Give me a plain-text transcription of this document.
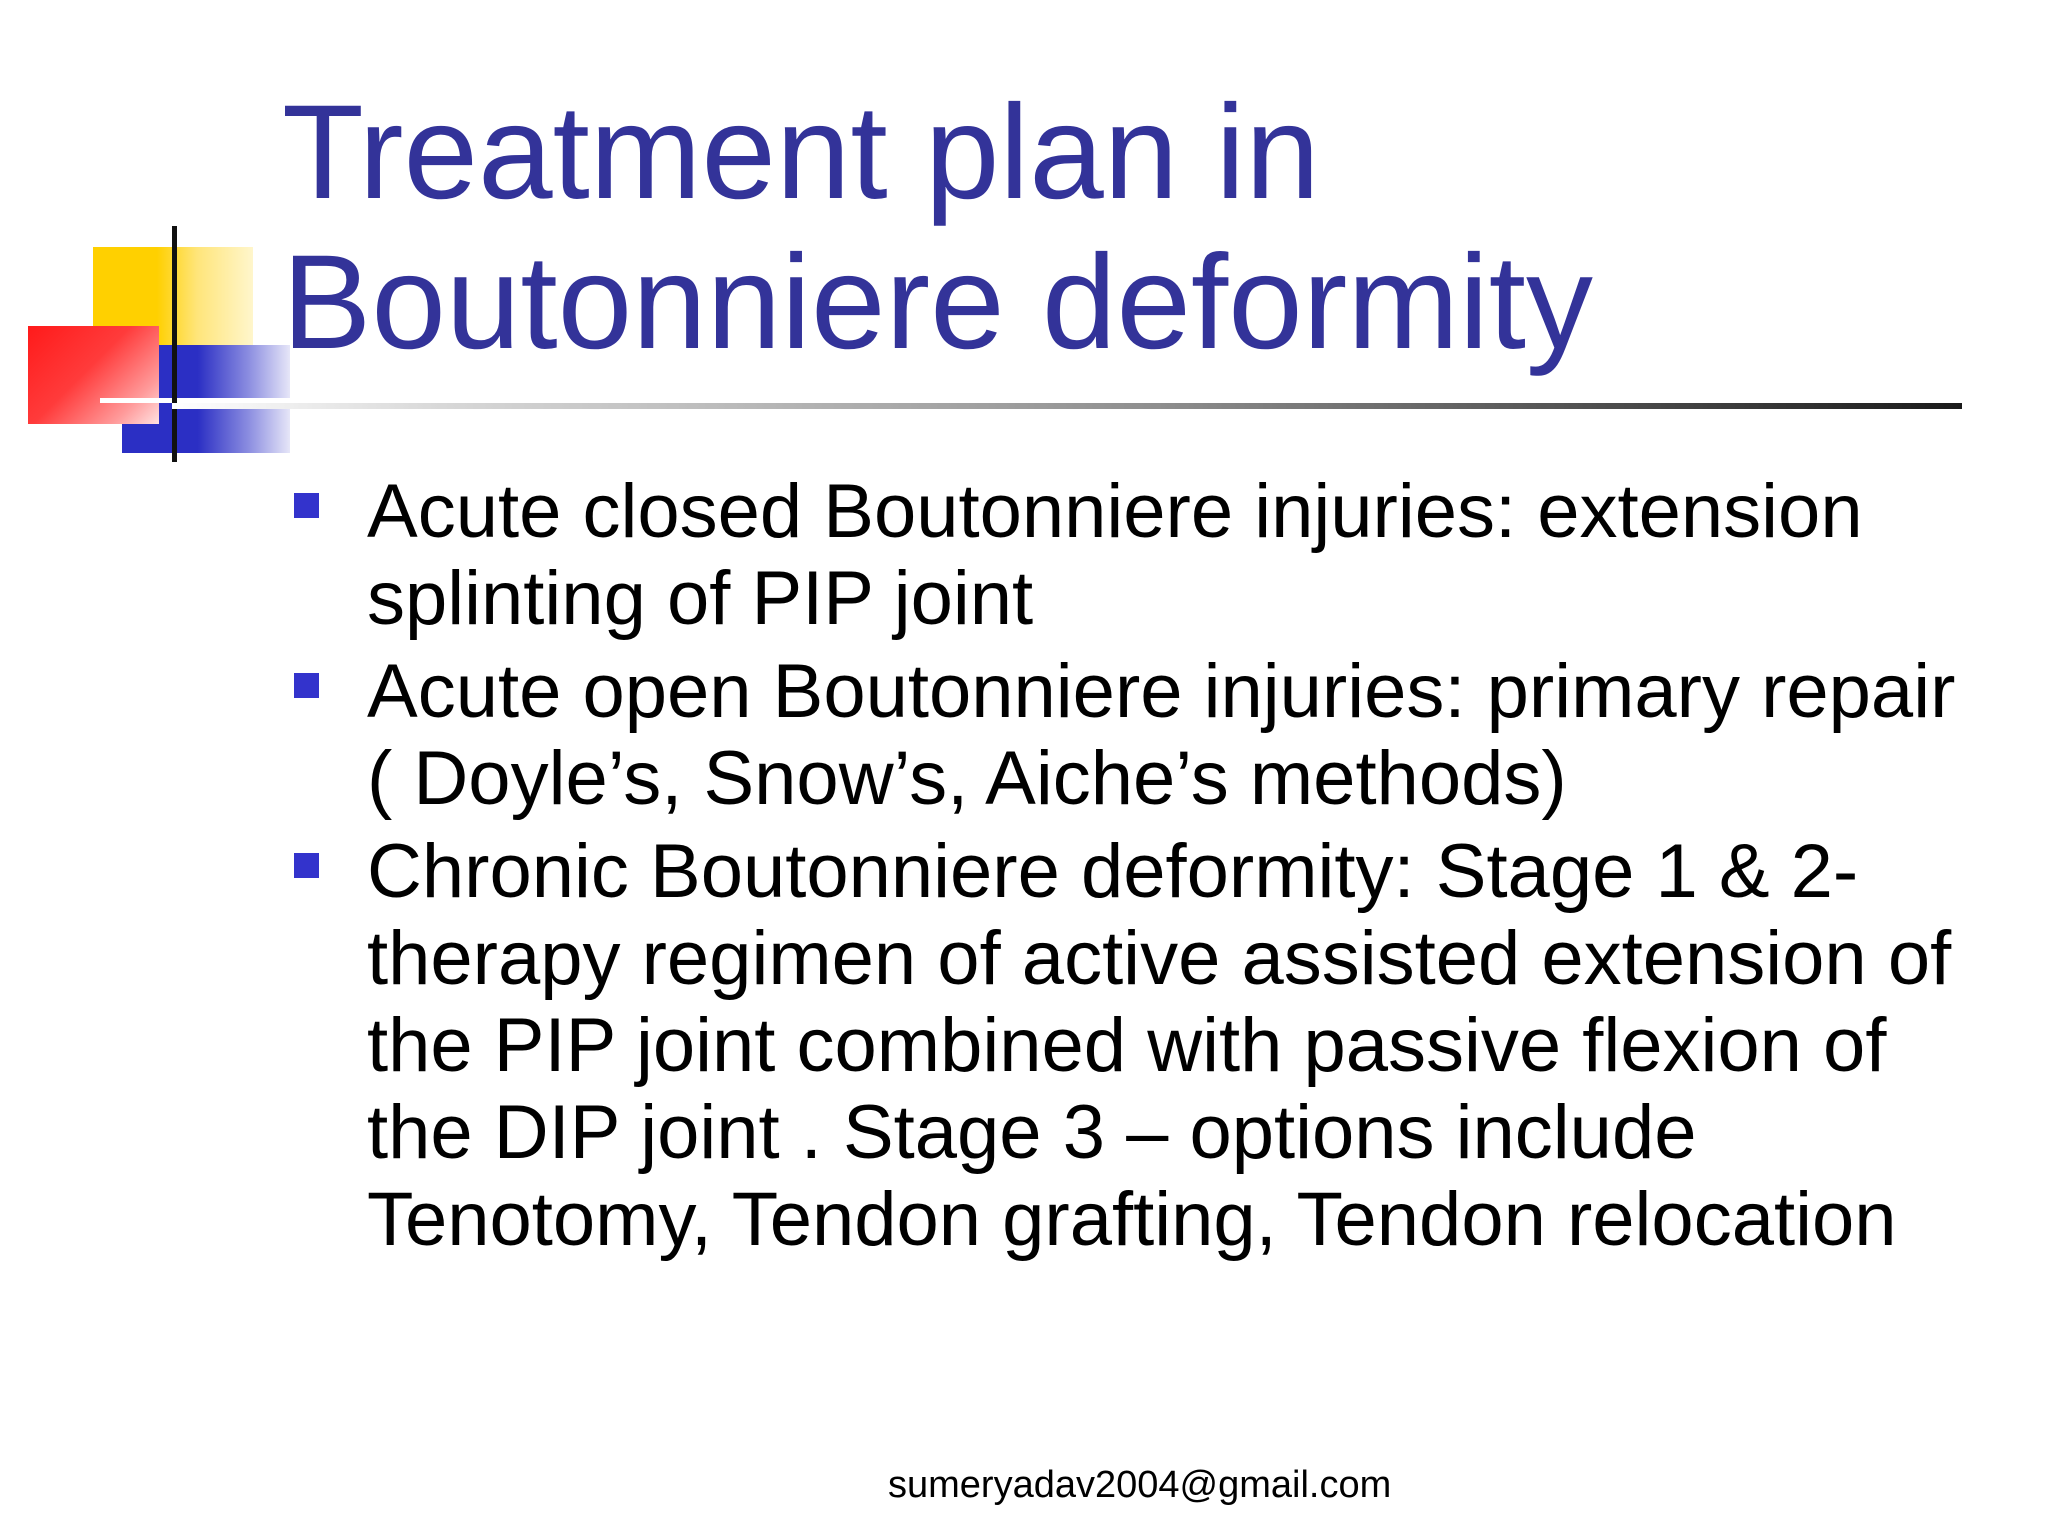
Treatment plan in Boutonniere deformity
Acute closed Boutonniere injuries: extension splinting of PIP joint
Acute open Boutonniere injuries: primary repair ( Doyle’s, Snow’s, Aiche’s methods)
Chronic Boutonniere deformity: Stage 1 & 2- therapy regimen of active assisted extension of the PIP joint combined with passive flexion of the DIP joint . Stage 3 – options include Tenotomy, Tendon grafting, Tendon relocation
sumeryadav2004@gmail.com
